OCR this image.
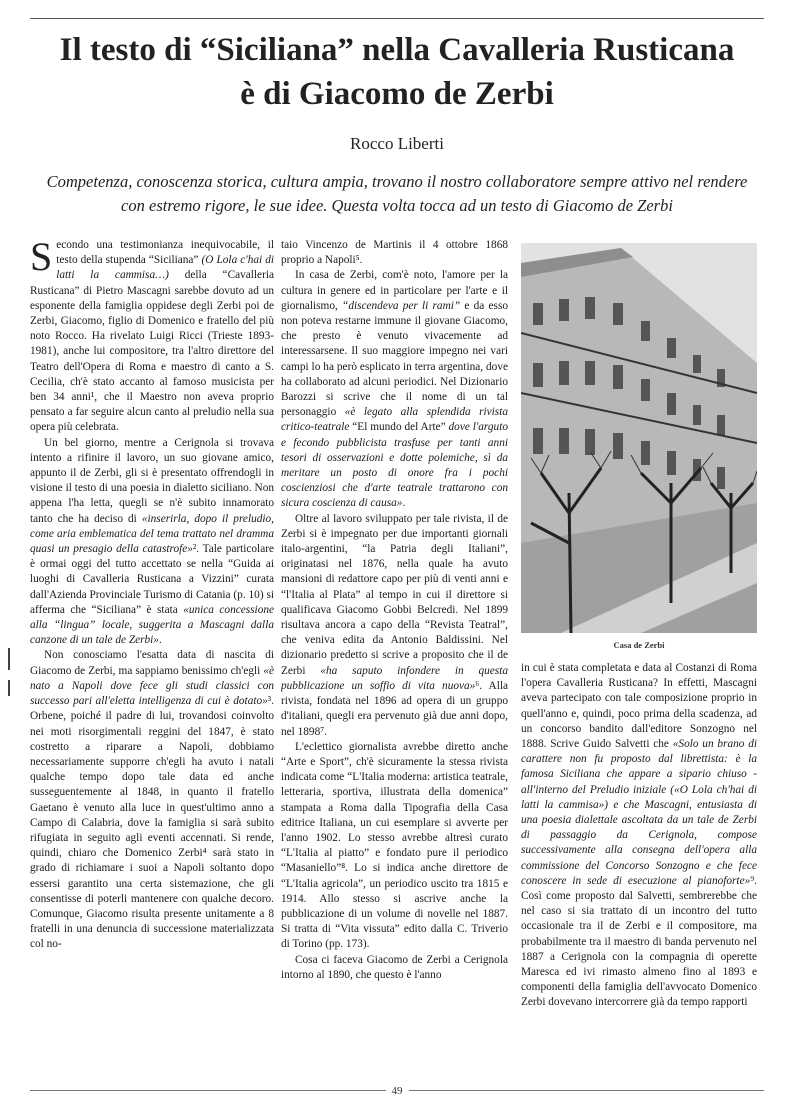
Il testo di “Siciliana” nella Cavalleria Rusticana
è di Giacomo de Zerbi
Rocco Liberti
Competenza, conoscenza storica, cultura ampia, trovano il nostro collaboratore sempre attivo nel rendere con estremo rigore, le sue idee. Questa volta tocca ad un testo di Giacomo de Zerbi

Secondo una testimonianza inequivocabile, il testo della stupenda “Siciliana” (O Lola c'hai di latti la cammisa…) della “Cavalleria Rusticana” di Pietro Mascagni sarebbe dovuto ad un esponente della famiglia oppidese degli Zerbi poi de Zerbi, Giacomo, figlio di Domenico e fratello del più noto Rocco. Ha rivelato Luigi Ricci (Trieste 1893-1981), anche lui compositore, tra l'altro direttore del Teatro dell'Opera di Roma e maestro di canto a S. Cecilia, ch'è stato accanto al famoso musicista per ben 34 anni¹, che il Maestro non aveva proprio pensato a far seguire alcun canto al preludio nella sua opera più celebrata.

Un bel giorno, mentre a Cerignola si trovava intento a rifinire il lavoro, un suo giovane amico, appunto il de Zerbi, gli si è presentato offrendogli in visione il testo di una poesia in dialetto siciliano. Non appena l'ha letta, quegli se n'è subito innamorato tanto che ha deciso di «inserirla, dopo il preludio, come aria emblematica del tema trattato nel dramma quasi un presagio della catastrofe»². Tale particolare è ormai oggi del tutto accettato se nella “Guida ai luoghi di Cavalleria Rusticana a Vizzini” curata dall'Azienda Provinciale Turismo di Catania (p. 10) si afferma che “Siciliana” è stata «unica concessione alla “lingua” locale, suggerita a Mascagni dalla canzone di un tale de Zerbi».

Non conosciamo l'esatta data di nascita di Giacomo de Zerbi, ma sappiamo benissimo ch'egli «è nato a Napoli dove fece gli studi classici con successo pari all'eletta intelligenza di cui è dotato»³. Orbene, poiché il padre di lui, trovandosi coinvolto nei moti risorgimentali reggini del 1847, è stato costretto a riparare a Napoli, dobbiamo necessariamente supporre ch'egli ha avuto i natali qualche tempo dopo tale data ed anche susseguentemente al 1848, in quanto il fratello Gaetano è venuto alla luce in quest'ultimo anno a Campo di Calabria, dove la famiglia si sarà subito rifugiata in seguito agli eventi accennati. Si rende, quindi, chiaro che Domenico Zerbi⁴ sarà stato in grado di richiamare i suoi a Napoli soltanto dopo essersi garantito una certa sistemazione, che gli consentisse di poterli mantenere con qualche decoro. Comunque, Giacomo risulta presente unitamente a 8 fratelli in una denuncia di successione materializzata col no-

taio Vincenzo de Martinis il 4 ottobre 1868 proprio a Napoli⁵.

In casa de Zerbi, com'è noto, l'amore per la cultura in genere ed in particolare per l'arte e il giornalismo, “discendeva per li rami” e da esso non poteva restarne immune il giovane Giacomo, che presto è venuto vivacemente ad interessarsene. Il suo maggiore impegno nei vari campi lo ha però esplicato in terra argentina, dove ha collaborato ad alcuni periodici. Nel Dizionario Barozzi si scrive che il nome di un tal personaggio «è legato alla splendida rivista critico-teatrale “El mundo del Arte” dove l'arguto e fecondo pubblicista trasfuse per tanti anni tesori di osservazioni e dotte polemiche, sì da meritare un posto di onore fra i pochi coscienziosi che d'arte teatrale trattarono con sicura coscienza di causa».

Oltre al lavoro sviluppato per tale rivista, il de Zerbi si è impegnato per due importanti giornali italo-argentini, “la Patria degli Italiani”, originatasi nel 1876, nella quale ha avuto mansioni di redattore capo per più di venti anni e “l'Italia al Plata” al tempo in cui il direttore si qualificava Giacomo Gobbi Belcredi. Nel 1899 risultava ancora a capo della “Revista Teatral”, che veniva edita da Antonio Baldissini. Nel dizionario predetto si scrive a proposito che il de Zerbi «ha saputo infondere in questa pubblicazione un soffio di vita nuova»⁶. Alla rivista, fondata nel 1896 ad opera di un gruppo d'italiani, quegli era pervenuto già due anni dopo, nel 1898⁷.

L'eclettico giornalista avrebbe diretto anche “Arte e Sport”, ch'è sicuramente la stessa rivista indicata come “L'Italia moderna: artistica teatrale, letteraria, sportiva, illustrata della domenica” stampata a Roma dalla Tipografia della Casa editrice Italiana, un cui esemplare si avverte per l'anno 1902. Lo stesso avrebbe altresì curato “L'Italia al piatto” e fondato pure il periodico “Masaniello”⁸. Lo si indica anche direttore de “L'Italia agricola”, un periodico uscito tra 1815 e 1914. Allo stesso si ascrive anche la pubblicazione di un volume di novelle nel 1887. Si tratta di “Vita vissuta” edito dalla C. Triverio di Torino (pp. 173).

Cosa ci faceva Giacomo de Zerbi a Cerignola intorno al 1890, che questo è l'anno

Casa de Zerbi

in cui è stata completata e data al Costanzi di Roma l'opera Cavalleria Rusticana? In effetti, Mascagni aveva partecipato con tale composizione proprio in quell'anno e, quindi, poco prima della scadenza, ad un concorso bandito dall'editore Sonzogno nel 1888. Scrive Guido Salvetti che «Solo un brano di carattere non fu proposto dal librettista: è la famosa Siciliana che appare a sipario chiuso - all'interno del Preludio iniziale («O Lola ch'hai di latti la cammisa») e che Mascagni, entusiasta di una poesia dialettale ascoltata da un tale de Zerbi di passaggio da Cerignola, compose successivamente alla consegna dell'opera alla commissione del Concorso Sonzogno e che fece conoscere in sede di esecuzione al pianoforte»⁹. Così come proposto dal Salvetti, sembrerebbe che nel caso si sia trattato di un incontro del tutto occasionale tra il de Zerbi e il compositore, ma probabilmente tra il maestro di banda pervenuto nel 1887 a Cerignola con la compagnia di operette Maresca ed ivi rimasto almeno fino al 1893 e componenti della famiglia dell'avvocato Domenico Zerbi dovevano intercorrere già da tempo rapporti

49
